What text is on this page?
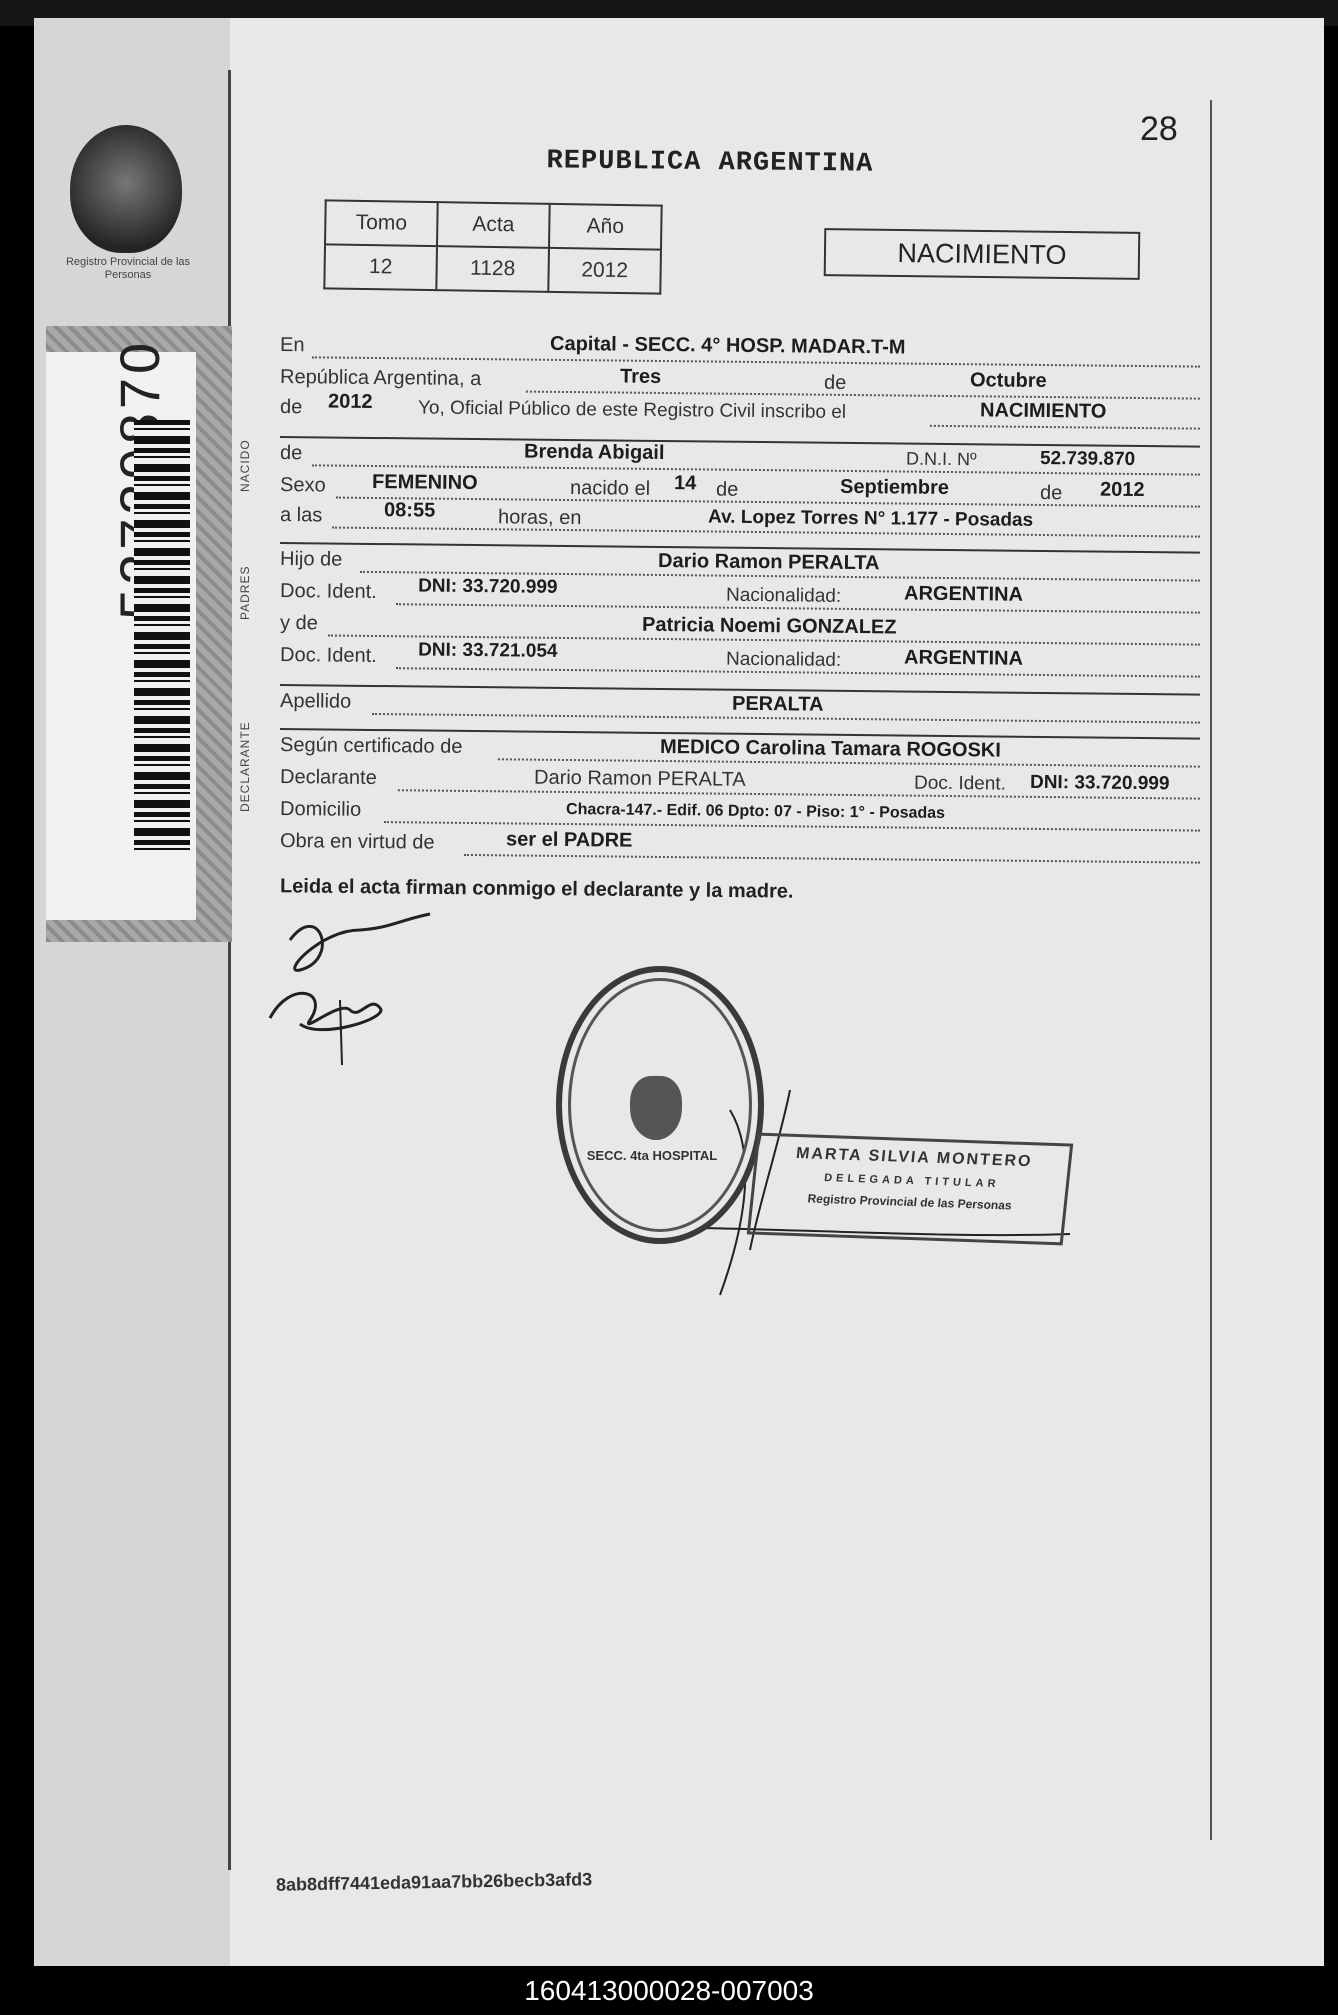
Registro Provincial de las Personas
28
REPUBLICA ARGENTINA
Tomo	Acta	Año
12	1128	2012
NACIMIENTO
NACIDO
PADRES
En	Capital - SECC. 4° HOSP. MADAR.T-M
República Argentina, a	Tres	de	Octubre
de 2012 Yo, Oficial Público de este Registro Civil inscribo el	NACIMIENTO
de	Brenda Abigail	D.N.I. Nº	52.739.870
Sexo FEMENINO	nacido el 14 de	Septiembre	de 2012
a las	08:55	horas, en	Av. Lopez Torres N° 1.177 - Posadas
Hijo de	Dario Ramon PERALTA
Doc. Ident. DNI: 33.720.999	Nacionalidad:	ARGENTINA
y de	Patricia Noemi GONZALEZ
Doc. Ident. DNI: 33.721.054	Nacionalidad:	ARGENTINA
Apellido	PERALTA
Según certificado de	MEDICO Carolina Tamara ROGOSKI
Declarante	Dario Ramon PERALTA	Doc. Ident. DNI: 33.720.999
Domicilio	Chacra-147.- Edif. 06 Dpto: 07 - Piso: 1° - Posadas
Obra en virtud de	ser el PADRE
Leida el acta firman conmigo el declarante y la madre.
SECC. 4ta HOSPITAL	MARTA SILVIA MONTERO
DELEGADA TITULAR
Registro Provincial de las Personas
8ab8dff7441eda91aa7bb26becb3afd3
160413000028-007003
